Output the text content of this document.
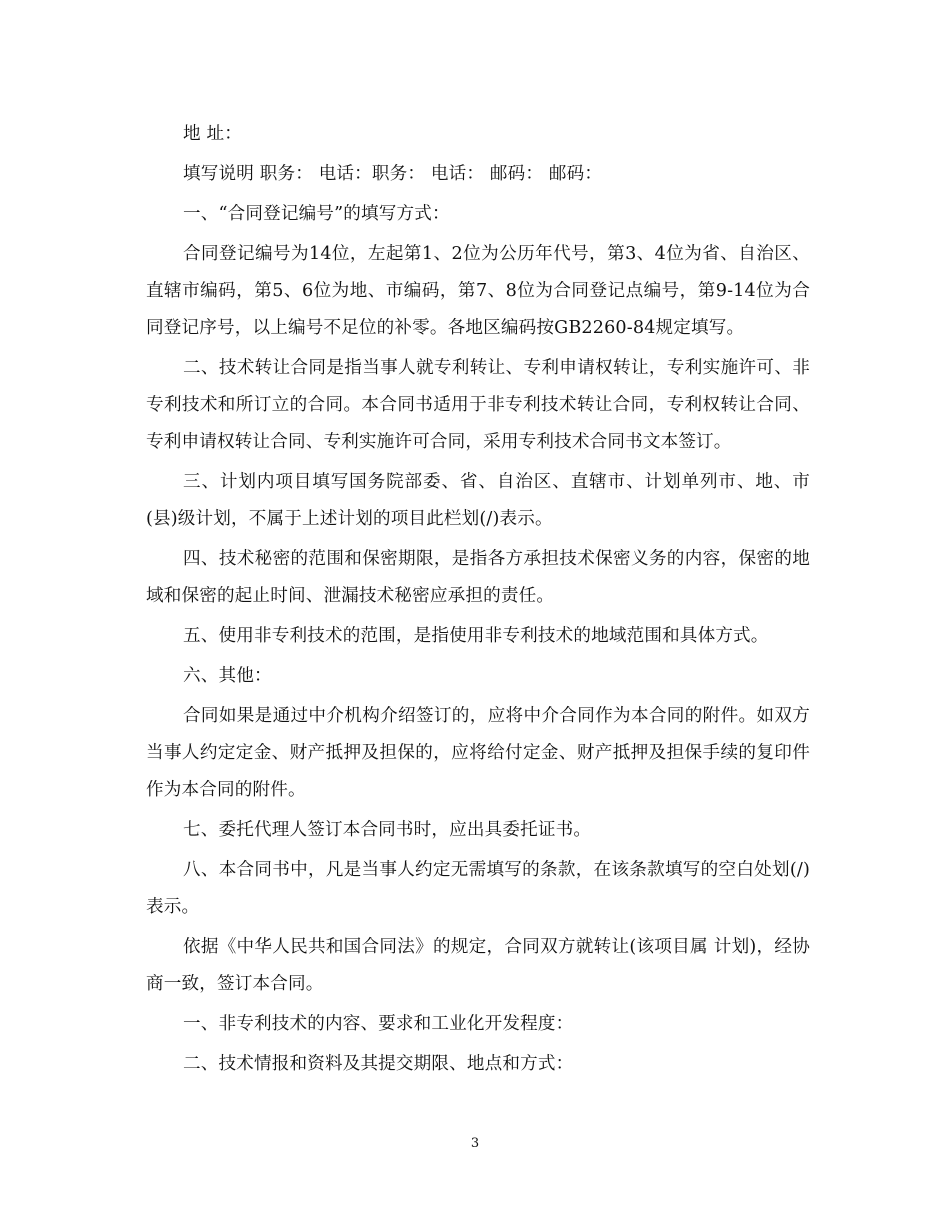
地 址：

填写说明 职务： 电话：职务： 电话： 邮码： 邮码：

一、“合同登记编号”的填写方式：

合同登记编号为14位，左起第1、2位为公历年代号，第3、4位为省、自治区、直辖市编码，第5、6位为地、市编码，第7、8位为合同登记点编号，第9-14位为合同登记序号，以上编号不足位的补零。各地区编码按GB2260-84规定填写。

二、技术转让合同是指当事人就专利转让、专利申请权转让，专利实施许可、非专利技术和所订立的合同。本合同书适用于非专利技术转让合同，专利权转让合同、专利申请权转让合同、专利实施许可合同，采用专利技术合同书文本签订。

三、计划内项目填写国务院部委、省、自治区、直辖市、计划单列市、地、市(县)级计划，不属于上述计划的项目此栏划(/)表示。

四、技术秘密的范围和保密期限，是指各方承担技术保密义务的内容，保密的地域和保密的起止时间、泄漏技术秘密应承担的责任。

五、使用非专利技术的范围，是指使用非专利技术的地域范围和具体方式。

六、其他：

合同如果是通过中介机构介绍签订的，应将中介合同作为本合同的附件。如双方当事人约定定金、财产抵押及担保的，应将给付定金、财产抵押及担保手续的复印件作为本合同的附件。

七、委托代理人签订本合同书时，应出具委托证书。

八、本合同书中，凡是当事人约定无需填写的条款，在该条款填写的空白处划(/)表示。

依据《中华人民共和国合同法》的规定，合同双方就转让(该项目属 计划)，经协商一致，签订本合同。

一、非专利技术的内容、要求和工业化开发程度：

二、技术情报和资料及其提交期限、地点和方式：

3
